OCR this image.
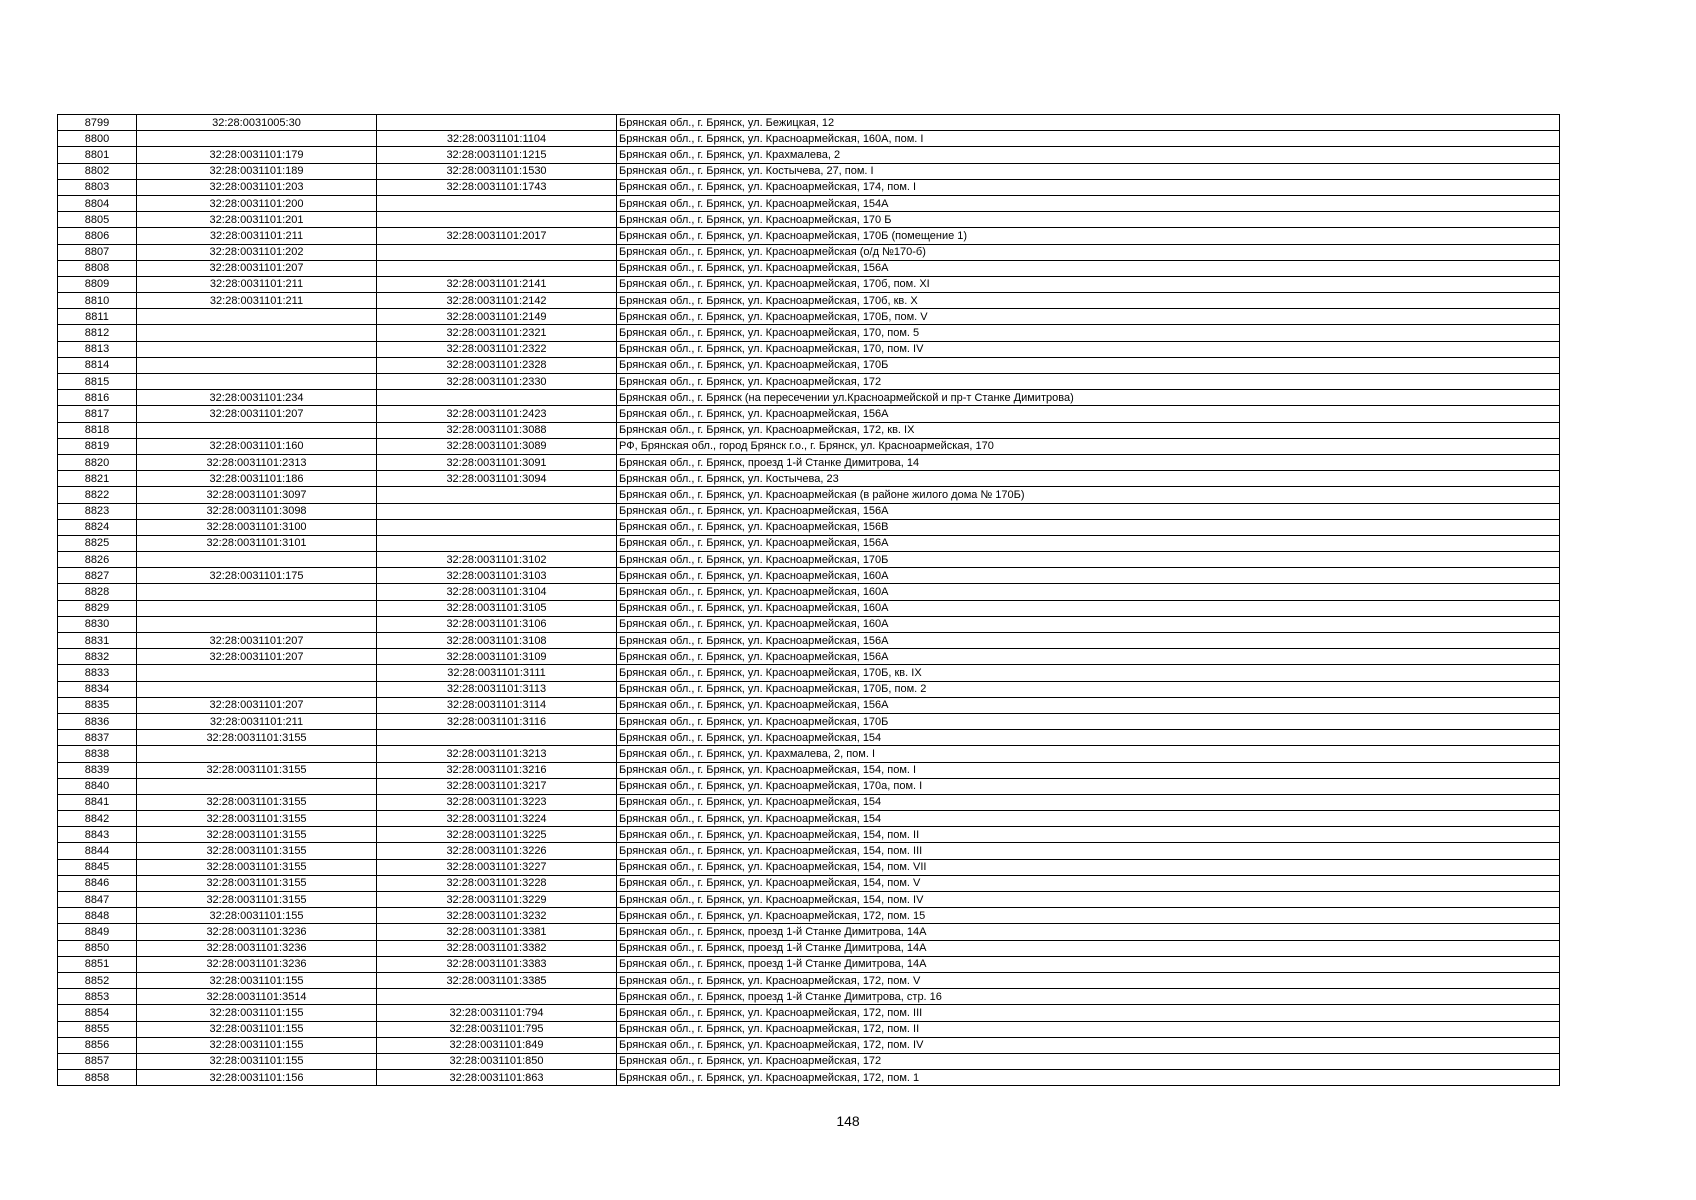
8799	32:28:0031005:30		Брянская обл., г. Брянск, ул. Бежицкая, 12
8800		32:28:0031101:1104	Брянская обл., г. Брянск, ул. Красноармейская, 160А, пом. I
8801	32:28:0031101:179	32:28:0031101:1215	Брянская обл., г. Брянск, ул. Крахмалева, 2
8802	32:28:0031101:189	32:28:0031101:1530	Брянская обл., г. Брянск, ул. Костычева, 27, пом. I
8803	32:28:0031101:203	32:28:0031101:1743	Брянская обл., г. Брянск, ул. Красноармейская, 174, пом. I
8804	32:28:0031101:200		Брянская обл., г. Брянск, ул. Красноармейская, 154А
8805	32:28:0031101:201		Брянская обл., г. Брянск, ул. Красноармейская, 170 Б
8806	32:28:0031101:211	32:28:0031101:2017	Брянская обл., г. Брянск, ул. Красноармейская, 170Б (помещение 1)
8807	32:28:0031101:202		Брянская обл., г. Брянск, ул. Красноармейская (о/д №170-б)
8808	32:28:0031101:207		Брянская обл., г. Брянск, ул. Красноармейская, 156А
8809	32:28:0031101:211	32:28:0031101:2141	Брянская обл., г. Брянск, ул. Красноармейская, 170б, пом. XI
8810	32:28:0031101:211	32:28:0031101:2142	Брянская обл., г. Брянск, ул. Красноармейская, 170б, кв. X
8811		32:28:0031101:2149	Брянская обл., г. Брянск, ул. Красноармейская, 170Б, пом. V
8812		32:28:0031101:2321	Брянская обл., г. Брянск, ул. Красноармейская, 170, пом. 5
8813		32:28:0031101:2322	Брянская обл., г. Брянск, ул. Красноармейская, 170, пом. IV
8814		32:28:0031101:2328	Брянская обл., г. Брянск, ул. Красноармейская, 170Б
8815		32:28:0031101:2330	Брянская обл., г. Брянск, ул. Красноармейская, 172
8816	32:28:0031101:234		Брянская обл., г. Брянск (на пересечении ул.Красноармейской и пр-т Станке Димитрова)
8817	32:28:0031101:207	32:28:0031101:2423	Брянская обл., г. Брянск, ул. Красноармейская, 156А
8818		32:28:0031101:3088	Брянская обл., г. Брянск, ул. Красноармейская, 172, кв. IX
8819	32:28:0031101:160	32:28:0031101:3089	РФ, Брянская обл., город Брянск г.о., г. Брянск, ул. Красноармейская, 170
8820	32:28:0031101:2313	32:28:0031101:3091	Брянская обл., г. Брянск, проезд 1-й Станке Димитрова, 14
8821	32:28:0031101:186	32:28:0031101:3094	Брянская обл., г. Брянск, ул. Костычева, 23
8822	32:28:0031101:3097		Брянская обл., г. Брянск, ул. Красноармейская (в районе жилого дома № 170Б)
8823	32:28:0031101:3098		Брянская обл., г. Брянск, ул. Красноармейская, 156А
8824	32:28:0031101:3100		Брянская обл., г. Брянск, ул. Красноармейская, 156В
8825	32:28:0031101:3101		Брянская обл., г. Брянск, ул. Красноармейская, 156А
8826		32:28:0031101:3102	Брянская обл., г. Брянск, ул. Красноармейская, 170Б
8827	32:28:0031101:175	32:28:0031101:3103	Брянская обл., г. Брянск, ул. Красноармейская, 160А
8828		32:28:0031101:3104	Брянская обл., г. Брянск, ул. Красноармейская, 160А
8829		32:28:0031101:3105	Брянская обл., г. Брянск, ул. Красноармейская, 160А
8830		32:28:0031101:3106	Брянская обл., г. Брянск, ул. Красноармейская, 160А
8831	32:28:0031101:207	32:28:0031101:3108	Брянская обл., г. Брянск, ул. Красноармейская, 156А
8832	32:28:0031101:207	32:28:0031101:3109	Брянская обл., г. Брянск, ул. Красноармейская, 156А
8833		32:28:0031101:3111	Брянская обл., г. Брянск, ул. Красноармейская, 170Б, кв. IX
8834		32:28:0031101:3113	Брянская обл., г. Брянск, ул. Красноармейская, 170Б, пом. 2
8835	32:28:0031101:207	32:28:0031101:3114	Брянская обл., г. Брянск, ул. Красноармейская, 156А
8836	32:28:0031101:211	32:28:0031101:3116	Брянская обл., г. Брянск, ул. Красноармейская, 170Б
8837	32:28:0031101:3155		Брянская обл., г. Брянск, ул. Красноармейская, 154
8838		32:28:0031101:3213	Брянская обл., г. Брянск, ул. Крахмалева, 2, пом. I
8839	32:28:0031101:3155	32:28:0031101:3216	Брянская обл., г. Брянск, ул. Красноармейская, 154, пом. I
8840		32:28:0031101:3217	Брянская обл., г. Брянск, ул. Красноармейская, 170а, пом. I
8841	32:28:0031101:3155	32:28:0031101:3223	Брянская обл., г. Брянск, ул. Красноармейская, 154
8842	32:28:0031101:3155	32:28:0031101:3224	Брянская обл., г. Брянск, ул. Красноармейская, 154
8843	32:28:0031101:3155	32:28:0031101:3225	Брянская обл., г. Брянск, ул. Красноармейская, 154, пом. II
8844	32:28:0031101:3155	32:28:0031101:3226	Брянская обл., г. Брянск, ул. Красноармейская, 154, пом. III
8845	32:28:0031101:3155	32:28:0031101:3227	Брянская обл., г. Брянск, ул. Красноармейская, 154, пом. VII
8846	32:28:0031101:3155	32:28:0031101:3228	Брянская обл., г. Брянск, ул. Красноармейская, 154, пом. V
8847	32:28:0031101:3155	32:28:0031101:3229	Брянская обл., г. Брянск, ул. Красноармейская, 154, пом. IV
8848	32:28:0031101:155	32:28:0031101:3232	Брянская обл., г. Брянск, ул. Красноармейская, 172, пом. 15
8849	32:28:0031101:3236	32:28:0031101:3381	Брянская обл., г. Брянск, проезд 1-й Станке Димитрова, 14А
8850	32:28:0031101:3236	32:28:0031101:3382	Брянская обл., г. Брянск, проезд 1-й Станке Димитрова, 14А
8851	32:28:0031101:3236	32:28:0031101:3383	Брянская обл., г. Брянск, проезд 1-й Станке Димитрова, 14А
8852	32:28:0031101:155	32:28:0031101:3385	Брянская обл., г. Брянск, ул. Красноармейская, 172, пом. V
8853	32:28:0031101:3514		Брянская обл., г. Брянск, проезд 1-й Станке Димитрова, стр. 16
8854	32:28:0031101:155	32:28:0031101:794	Брянская обл., г. Брянск, ул. Красноармейская, 172, пом. III
8855	32:28:0031101:155	32:28:0031101:795	Брянская обл., г. Брянск, ул. Красноармейская, 172, пом. II
8856	32:28:0031101:155	32:28:0031101:849	Брянская обл., г. Брянск, ул. Красноармейская, 172, пом. IV
8857	32:28:0031101:155	32:28:0031101:850	Брянская обл., г. Брянск, ул. Красноармейская, 172
8858	32:28:0031101:156	32:28:0031101:863	Брянская обл., г. Брянск, ул. Красноармейская, 172, пом. 1
148
